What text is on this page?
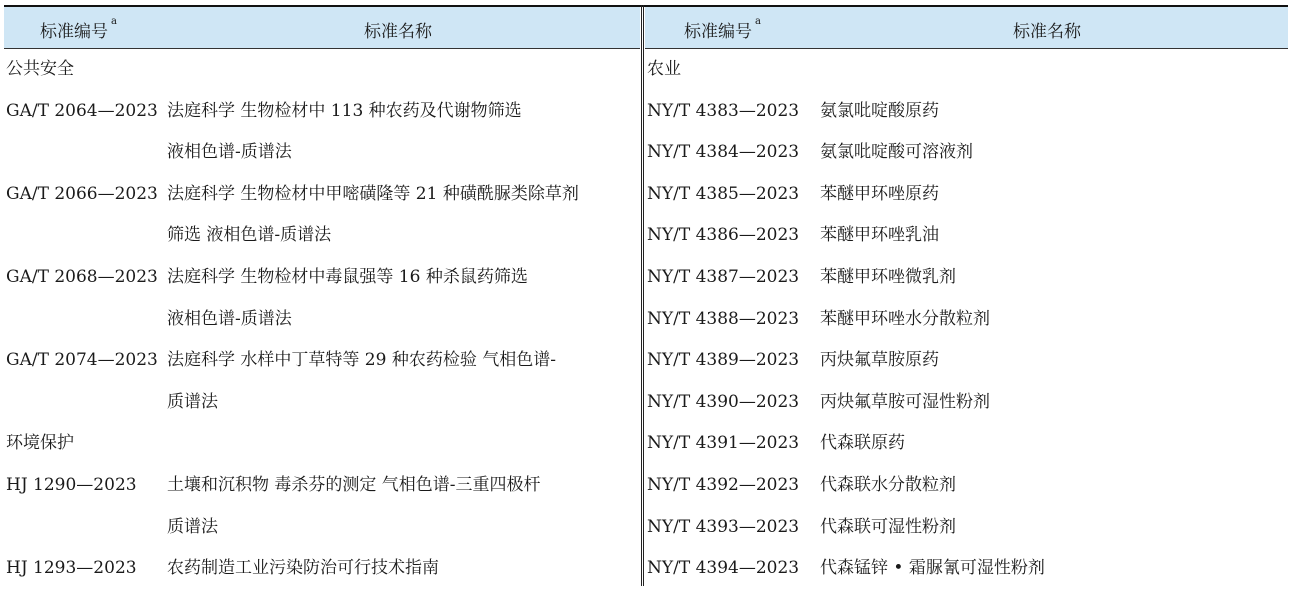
标准编号$^a$
标准名称
公共安全
GA/T 2064—2023 法庭科学 生物检材中 113 种农药及代谢物筛选
液相色谱-质谱法
GA/T 2066—2023 法庭科学 生物检材中甲嘧磺隆等 21 种磺酰脲类除草剂
筛选 液相色谱-质谱法
GA/T 2068—2023 法庭科学 生物检材中毒鼠强等 16 种杀鼠药筛选
液相色谱-质谱法
GA/T 2074—2023 法庭科学 水样中丁草特等 29 种农药检验 气相色谱-
质谱法
环境保护
HJ 1290—2023 土壤和沉积物 毒杀芬的测定 气相色谱-三重四极杆
质谱法
HJ 1293—2023 农药制造工业污染防治可行技术指南
标准编号$^a$
标准名称
农业
NY/T 4383—2023 氨氯吡啶酸原药
NY/T 4384—2023 氨氯吡啶酸可溶液剂
NY/T 4385—2023 苯醚甲环唑原药
NY/T 4386—2023 苯醚甲环唑乳油
NY/T 4387—2023 苯醚甲环唑微乳剂
NY/T 4388—2023 苯醚甲环唑水分散粒剂
NY/T 4389—2023 丙炔氟草胺原药
NY/T 4390—2023 丙炔氟草胺可湿性粉剂
NY/T 4391—2023 代森联原药
NY/T 4392—2023 代森联水分散粒剂
NY/T 4393—2023 代森联可湿性粉剂
NY/T 4394—2023 代森锰锌 • 霜脲氰可湿性粉剂
